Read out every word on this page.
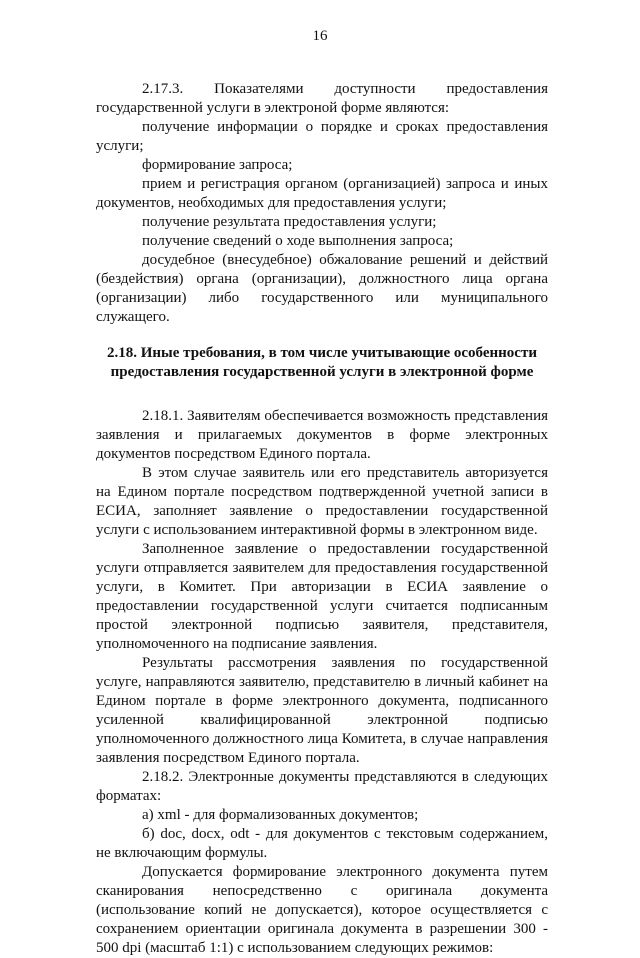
16

2.17.3. Показателями доступности предоставления государственной услуги в электроной форме являются:

получение информации о порядке и сроках предоставления услуги;

формирование запроса;

прием и регистрация органом (организацией) запроса и иных документов, необходимых для предоставления услуги;

получение результата предоставления услуги;

получение сведений о ходе выполнения запроса;

досудебное (внесудебное) обжалование решений и действий (бездействия) органа (организации), должностного лица органа (организации) либо государственного или муниципального служащего.

2.18. Иные требования, в том числе учитывающие особенности предоставления государственной услуги в электронной форме

2.18.1. Заявителям обеспечивается возможность представления заявления и прилагаемых документов в форме электронных документов посредством Единого портала.

В этом случае заявитель или его представитель авторизуется на Едином портале посредством подтвержденной учетной записи в ЕСИА, заполняет заявление о предоставлении государственной услуги с использованием интерактивной формы в электронном виде.

Заполненное заявление о предоставлении государственной услуги отправляется заявителем для предоставления государственной услуги, в Комитет. При авторизации в ЕСИА заявление о предоставлении государственной услуги считается подписанным простой электронной подписью заявителя, представителя, уполномоченного на подписание заявления.

Результаты рассмотрения заявления по государственной услуге, направляются заявителю, представителю в личный кабинет на Едином портале в форме электронного документа, подписанного усиленной квалифицированной электронной подписью уполномоченного должностного лица Комитета, в случае направления заявления посредством Единого портала.

2.18.2. Электронные документы представляются в следующих форматах:

а) xml - для формализованных документов;

б) doc, docx, odt - для документов с текстовым содержанием, не включающим формулы.

Допускается формирование электронного документа путем сканирования непосредственно с оригинала документа (использование копий не допускается), которое осуществляется с сохранением ориентации оригинала документа в разрешении 300 - 500 dpi (масштаб 1:1) с использованием следующих режимов:
